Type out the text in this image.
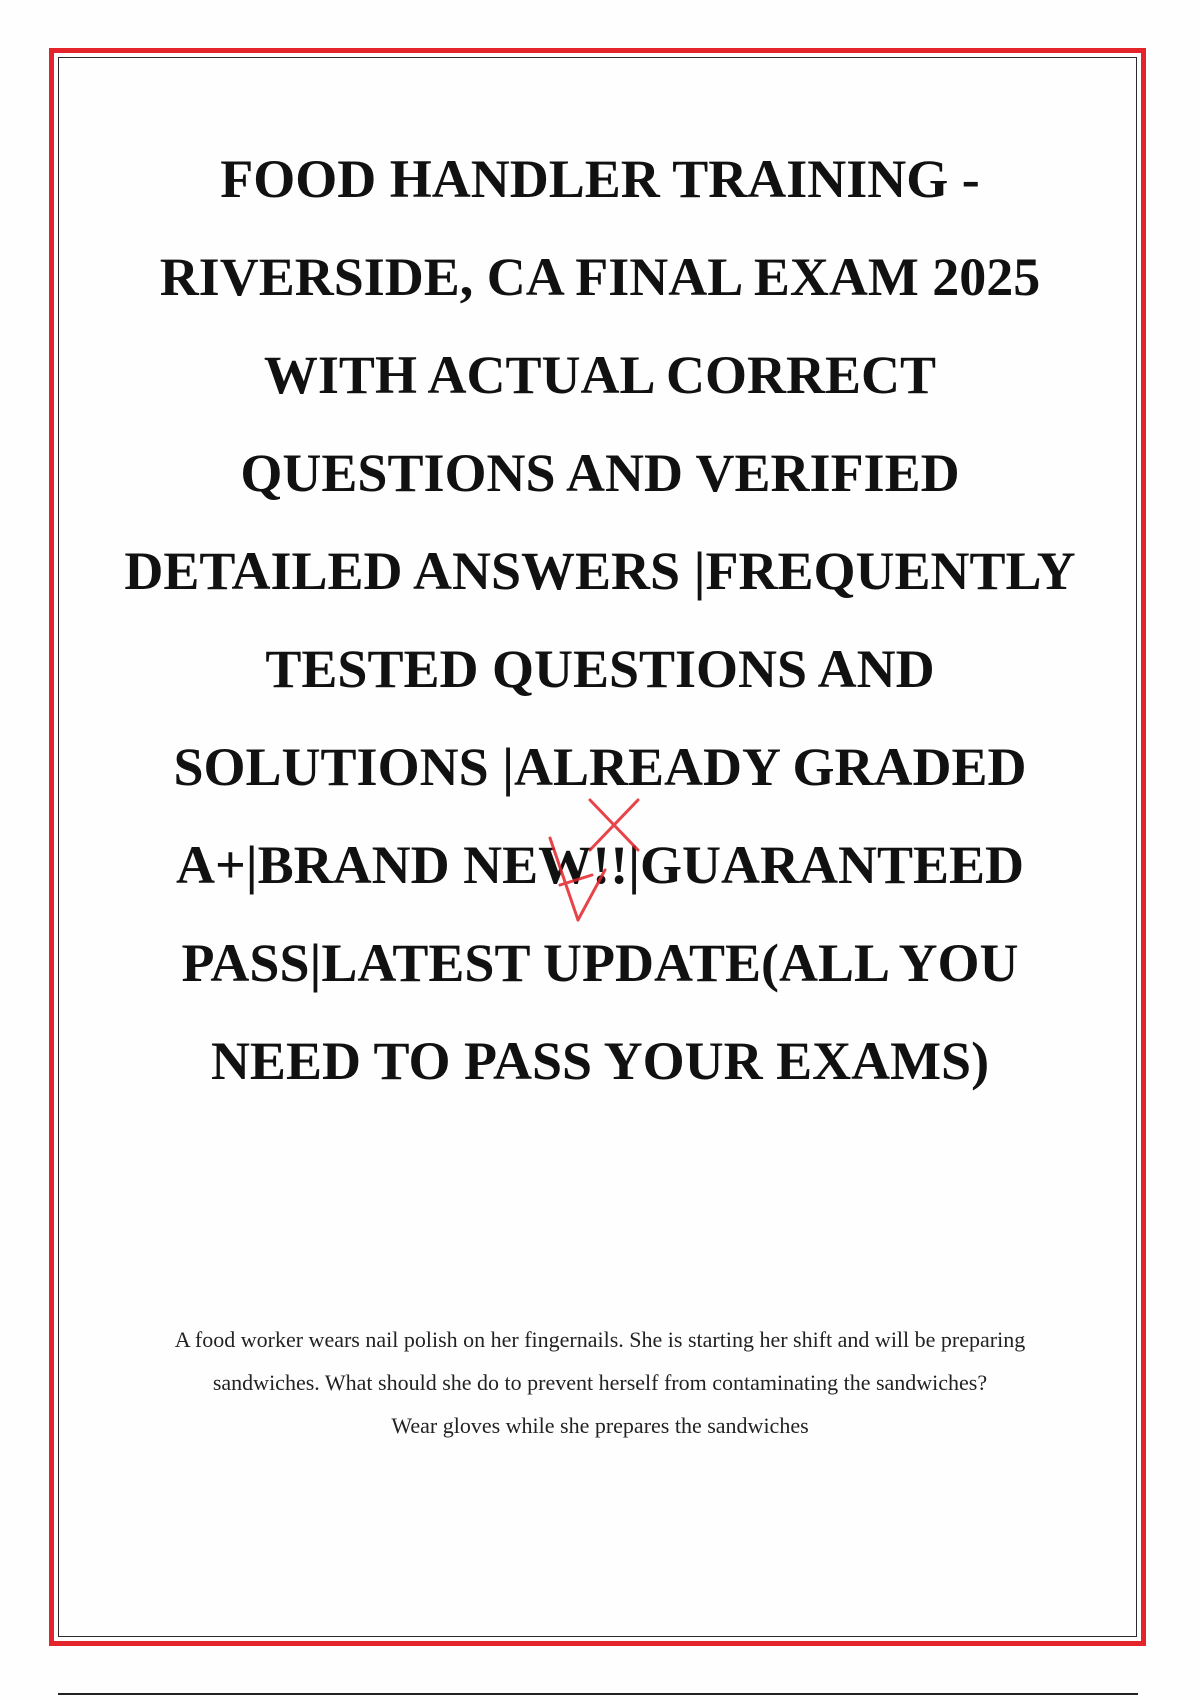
FOOD HANDLER TRAINING - RIVERSIDE, CA FINAL EXAM 2025 WITH ACTUAL CORRECT QUESTIONS AND VERIFIED DETAILED ANSWERS |FREQUENTLY TESTED QUESTIONS AND SOLUTIONS |ALREADY GRADED A+|BRAND NEW!!|GUARANTEED PASS|LATEST UPDATE(ALL YOU NEED TO PASS YOUR EXAMS)

A food worker wears nail polish on her fingernails. She is starting her shift and will be preparing sandwiches. What should she do to prevent herself from contaminating the sandwiches?

Wear gloves while she prepares the sandwiches
